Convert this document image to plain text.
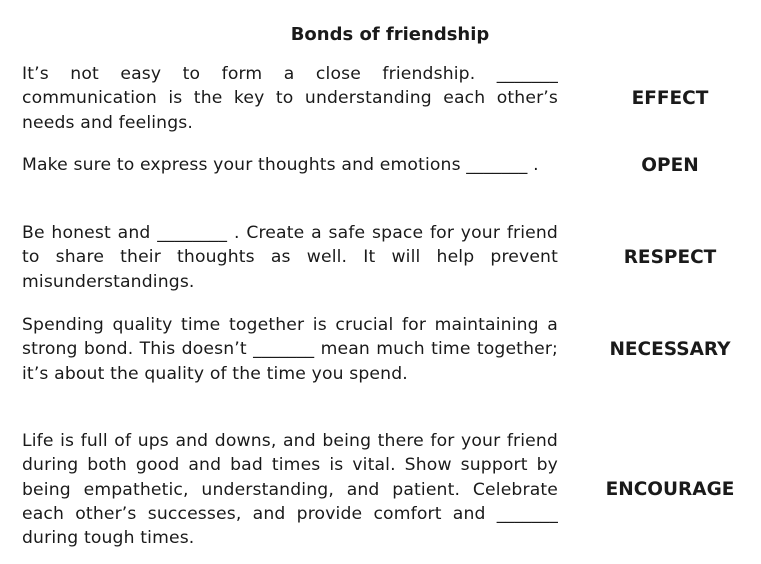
Bonds of friendship
It’s not easy to form a close friendship. _______ communication is the key to understanding each other’s needs and feelings.
EFFECT
Make sure to express your thoughts and emotions _______ .	OPEN
Be honest and ________ . Create a safe space for your friend to share their thoughts as well. It will help prevent misunderstandings.
RESPECT
Spending quality time together is crucial for maintaining a strong bond. This doesn’t _______ mean much time together; it’s about the quality of the time you spend.
NECESSARY
Life is full of ups and downs, and being there for your friend during both good and bad times is vital. Show support by being empathetic, understanding, and patient. Celebrate each other’s successes, and provide comfort and _______ during tough times.
ENCOURAGE
